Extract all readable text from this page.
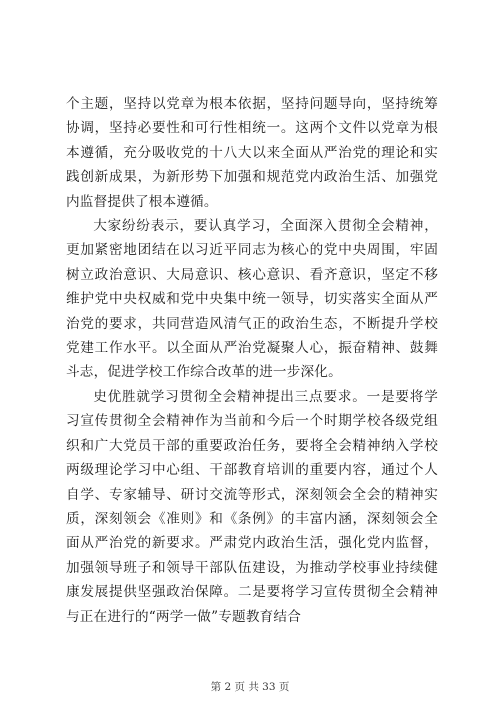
个主题，坚持以党章为根本依据，坚持问题导向，坚持统筹协调，坚持必要性和可行性相统一。这两个文件以党章为根本遵循，充分吸收党的十八大以来全面从严治党的理论和实践创新成果，为新形势下加强和规范党内政治生活、加强党内监督提供了根本遵循。

大家纷纷表示，要认真学习，全面深入贯彻全会精神，更加紧密地团结在以习近平同志为核心的党中央周围，牢固树立政治意识、大局意识、核心意识、看齐意识，坚定不移维护党中央权威和党中央集中统一领导，切实落实全面从严治党的要求，共同营造风清气正的政治生态，不断提升学校党建工作水平。以全面从严治党凝聚人心，振奋精神、鼓舞斗志，促进学校工作综合改革的进一步深化。

史优胜就学习贯彻全会精神提出三点要求。一是要将学习宣传贯彻全会精神作为当前和今后一个时期学校各级党组织和广大党员干部的重要政治任务，要将全会精神纳入学校两级理论学习中心组、干部教育培训的重要内容，通过个人自学、专家辅导、研讨交流等形式，深刻领会全会的精神实质，深刻领会《准则》和《条例》的丰富内涵，深刻领会全面从严治党的新要求。严肃党内政治生活，强化党内监督，加强领导班子和领导干部队伍建设，为推动学校事业持续健康发展提供坚强政治保障。二是要将学习宣传贯彻全会精神与正在进行的“两学一做”专题教育结合

第 2 页 共 33 页
